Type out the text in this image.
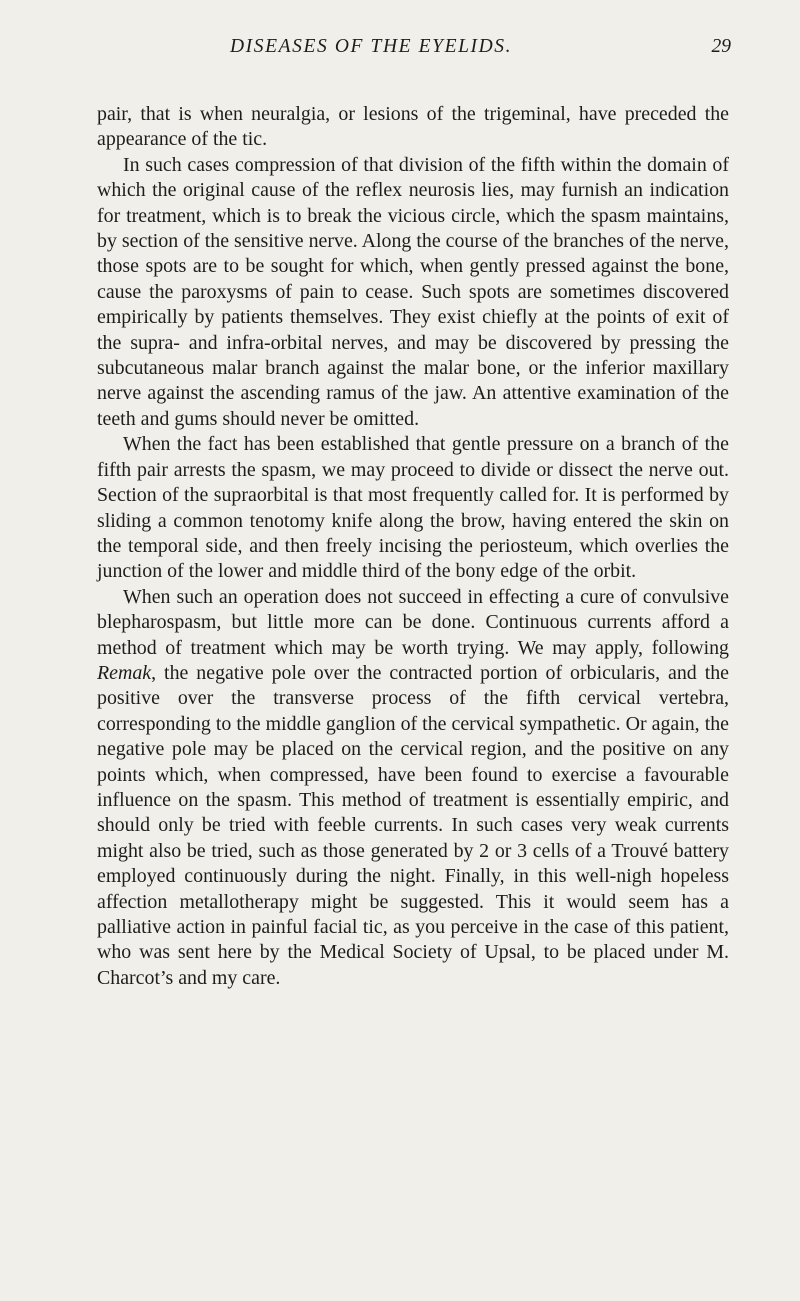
DISEASES OF THE EYELIDS.	29

pair, that is when neuralgia, or lesions of the trigeminal, have preceded the appearance of the tic.

In such cases compression of that division of the fifth within the domain of which the original cause of the reflex neurosis lies, may furnish an indication for treatment, which is to break the vicious circle, which the spasm maintains, by section of the sensitive nerve. Along the course of the branches of the nerve, those spots are to be sought for which, when gently pressed against the bone, cause the paroxysms of pain to cease. Such spots are sometimes discovered empirically by patients themselves. They exist chiefly at the points of exit of the supra- and infra-orbital nerves, and may be discovered by pressing the subcutaneous malar branch against the malar bone, or the inferior maxillary nerve against the ascending ramus of the jaw. An attentive examination of the teeth and gums should never be omitted.

When the fact has been established that gentle pressure on a branch of the fifth pair arrests the spasm, we may proceed to divide or dissect the nerve out. Section of the supraorbital is that most frequently called for. It is performed by sliding a common tenotomy knife along the brow, having entered the skin on the temporal side, and then freely incising the periosteum, which overlies the junction of the lower and middle third of the bony edge of the orbit.

When such an operation does not succeed in effecting a cure of convulsive blepharospasm, but little more can be done. Continuous currents afford a method of treatment which may be worth trying. We may apply, following Remak, the negative pole over the contracted portion of orbicularis, and the positive over the transverse process of the fifth cervical vertebra, corresponding to the middle ganglion of the cervical sympathetic. Or again, the negative pole may be placed on the cervical region, and the positive on any points which, when compressed, have been found to exercise a favourable influence on the spasm. This method of treatment is essentially empiric, and should only be tried with feeble currents. In such cases very weak currents might also be tried, such as those generated by 2 or 3 cells of a Trouvé battery employed continuously during the night. Finally, in this well-nigh hopeless affection metallotherapy might be suggested. This it would seem has a palliative action in painful facial tic, as you perceive in the case of this patient, who was sent here by the Medical Society of Upsal, to be placed under M. Charcot’s and my care.
